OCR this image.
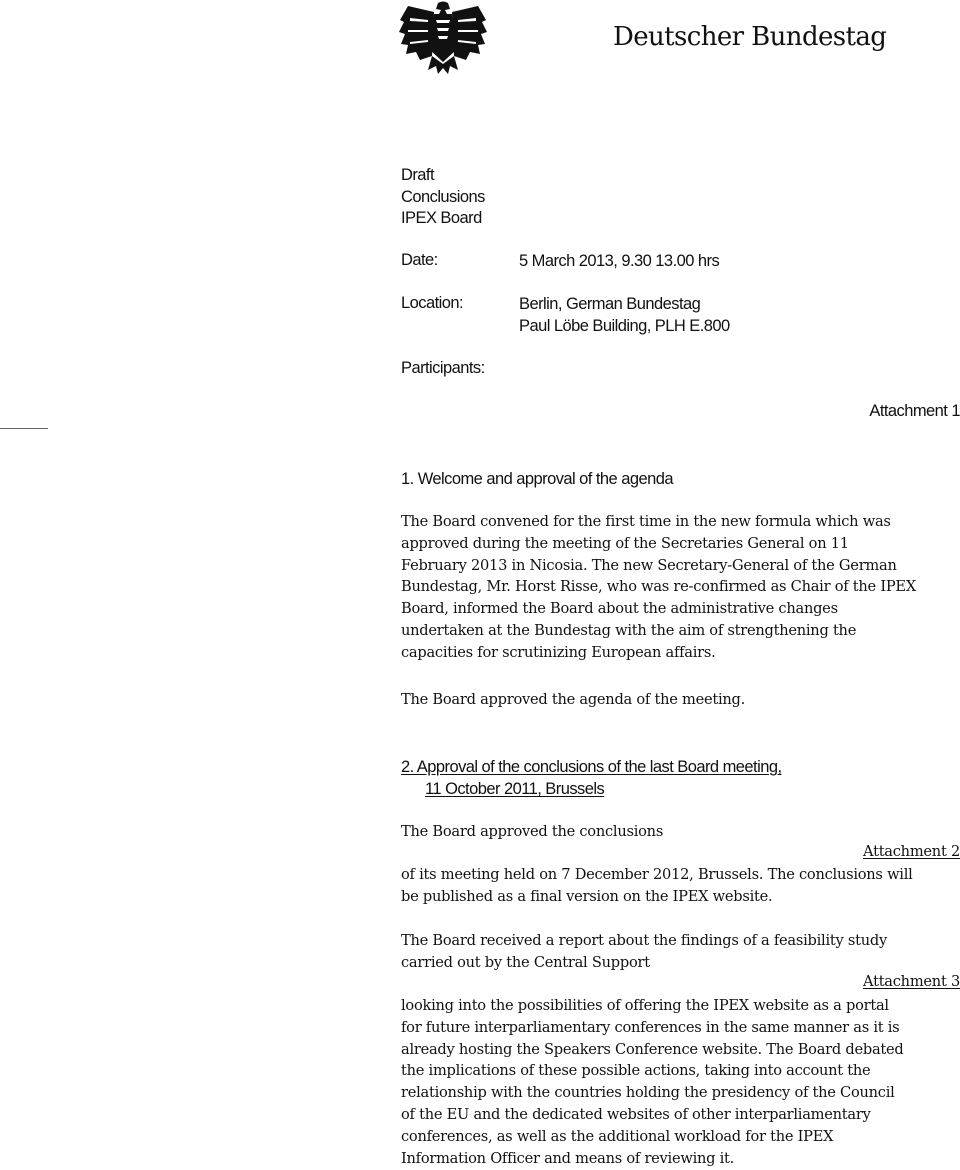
Deutscher Bundestag
Draft
Conclusions
IPEX Board
Date:	5 March 2013, 9.30 13.00 hrs
Location:	Berlin, German Bundestag
Paul Löbe Building, PLH E.800
Participants:
Attachment 1
1. Welcome and approval of the agenda
The Board convened for the first time in the new formula which was
approved during the meeting of the Secretaries General on 11
February 2013 in Nicosia. The new Secretary-General of the German
Bundestag, Mr. Horst Risse, who was re-confirmed as Chair of the IPEX
Board, informed the Board about the administrative changes
undertaken at the Bundestag with the aim of strengthening the
capacities for scrutinizing European affairs.
The Board approved the agenda of the meeting.
2. Approval of the conclusions of the last Board meeting,
11 October 2011, Brussels
The Board approved the conclusions
Attachment 2
of its meeting held on 7 December 2012, Brussels. The conclusions will
be published as a final version on the IPEX website.
The Board received a report about the findings of a feasibility study
carried out by the Central Support
Attachment 3
looking into the possibilities of offering the IPEX website as a portal
for future interparliamentary conferences in the same manner as it is
already hosting the Speakers Conference website. The Board debated
the implications of these possible actions, taking into account the
relationship with the countries holding the presidency of the Council
of the EU and the dedicated websites of other interparliamentary
conferences, as well as the additional workload for the IPEX
Information Officer and means of reviewing it.
